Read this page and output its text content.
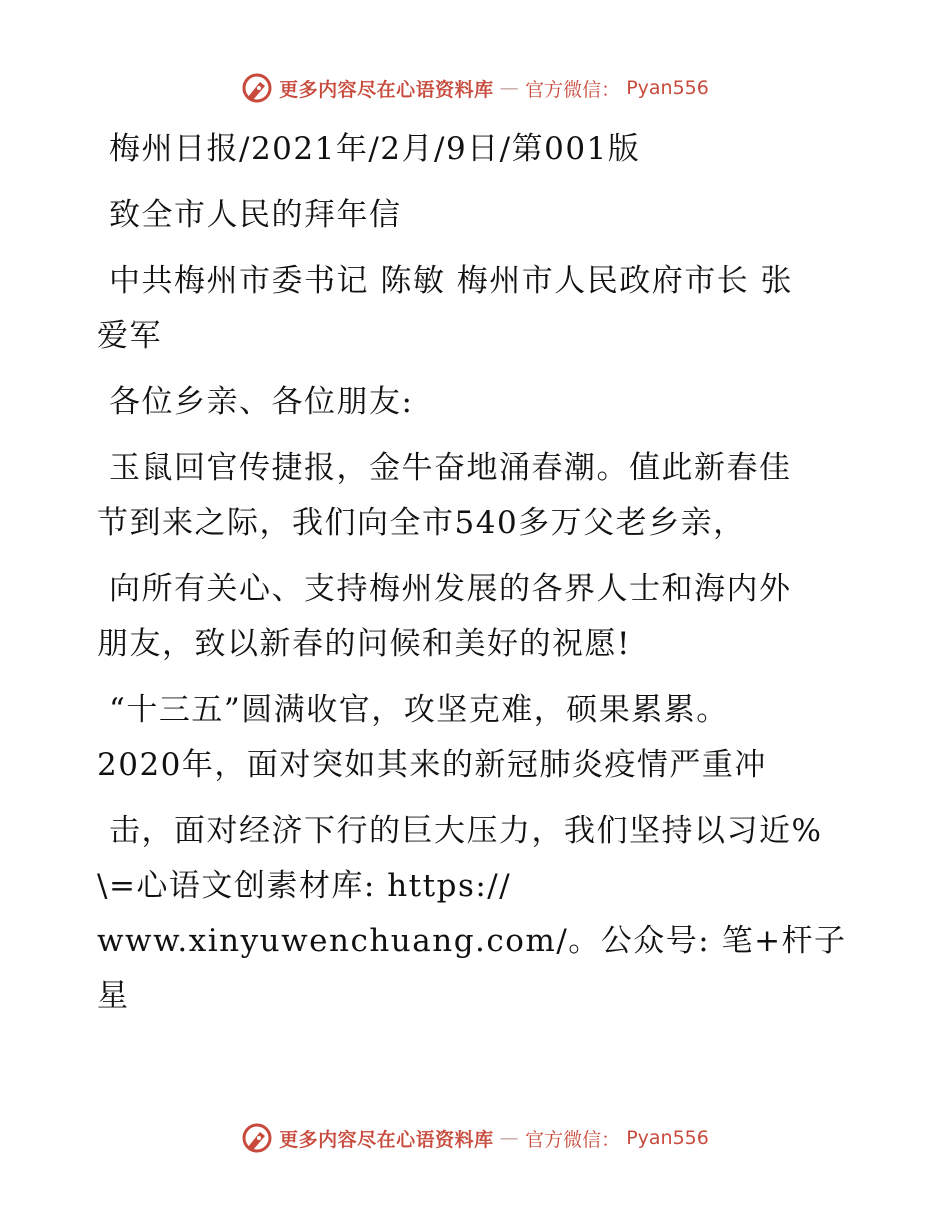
更多内容尽在心语资料库 — 官方微信： Pyan556

梅州日报/2021年/2月/9日/第001版

致全市人民的拜年信

中共梅州市委书记 陈敏 梅州市人民政府市长 张
爱军

各位乡亲、各位朋友:

玉鼠回官传捷报，金牛奋地涌春潮。值此新春佳
节到来之际，我们向全市540多万父老乡亲，

向所有关心、支持梅州发展的各界人士和海内外
朋友，致以新春的问候和美好的祝愿!

“十三五”圆满收官，攻坚克难，硕果累累。
2020年，面对突如其来的新冠肺炎疫情严重冲

击，面对经济下行的巨大压力，我们坚持以习近%
\=心语文创素材库: https://
www.xinyuwenchuang.com/。公众号: 笔+杆子星

更多内容尽在心语资料库 — 官方微信： Pyan556
